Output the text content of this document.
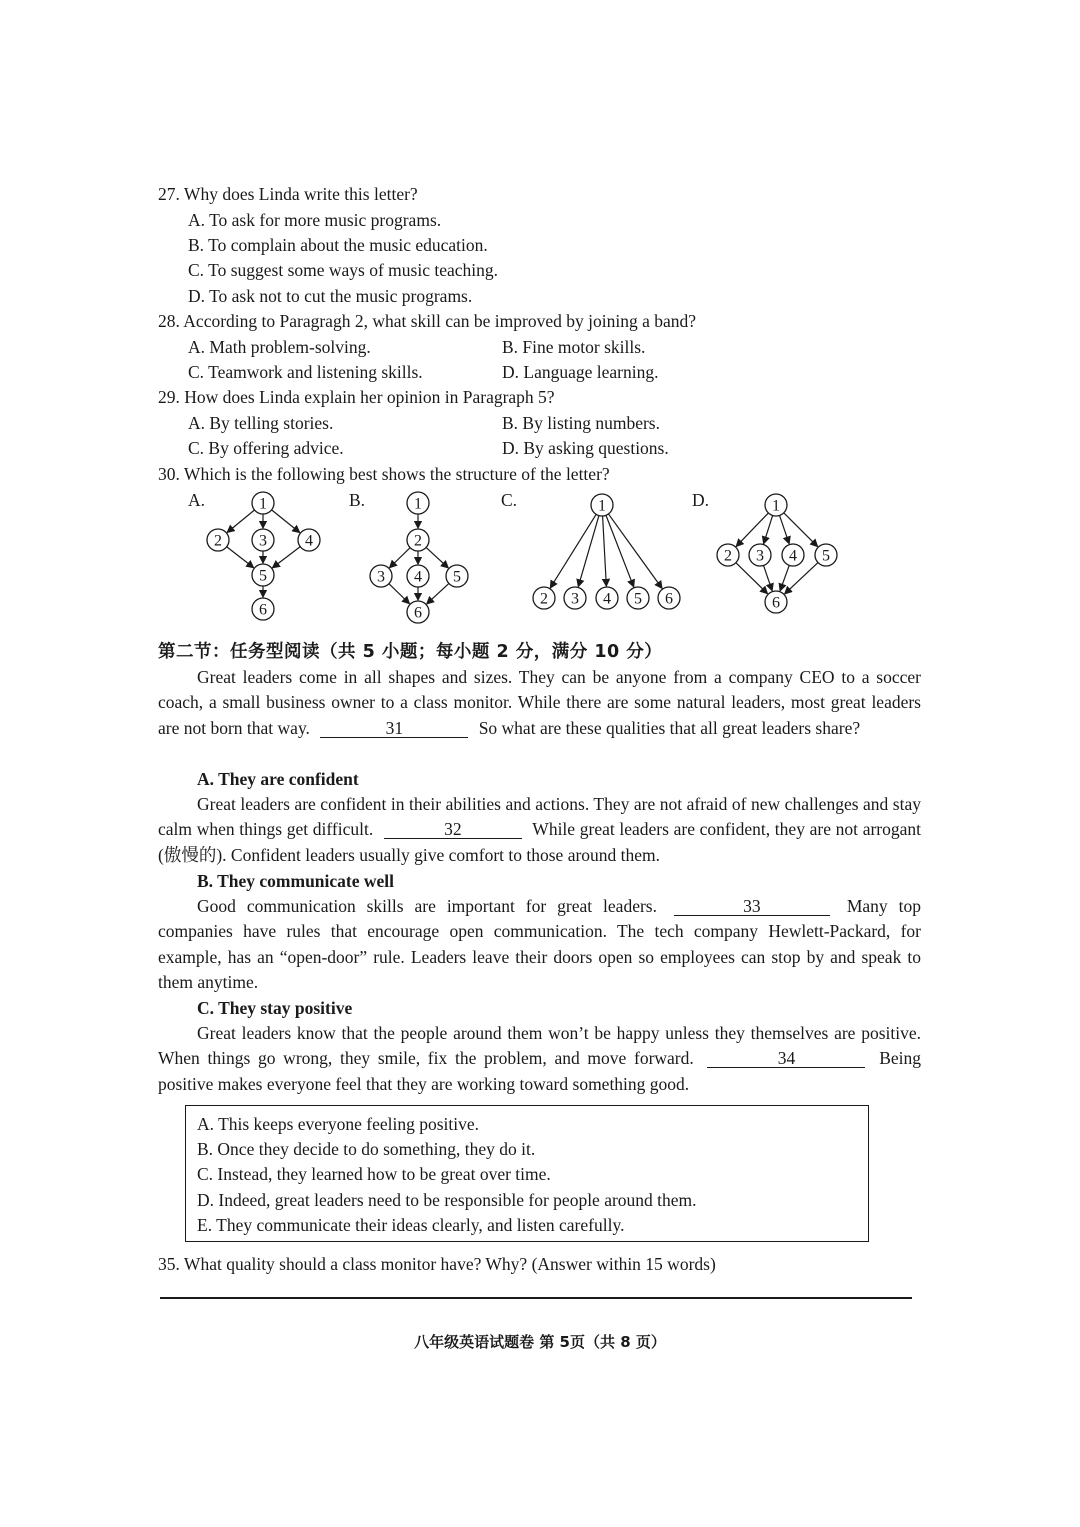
27. Why does Linda write this letter?
A. To ask for more music programs.
B. To complain about the music education.
C. To suggest some ways of music teaching.
D. To ask not to cut the music programs.
28. According to Paragragh 2, what skill can be improved by joining a band?
A. Math problem-solving.	B. Fine motor skills.
C. Teamwork and listening skills.	D. Language learning.
29. How does Linda explain her opinion in Paragraph 5?
A. By telling stories.	B. By listing numbers.
C. By offering advice.	D. By asking questions.
30. Which is the following best shows the structure of the letter?
A.	B.	C.	D.
1
2 3 4
5
6
1
2
3 4 5
6
1
2 3 4 5 6
1
2 3 4 5
6
第二节：任务型阅读（共 5 小题；每小题 2 分，满分 10 分）
Great leaders come in all shapes and sizes. They can be anyone from a company CEO to a soccer coach, a small business owner to a class monitor. While there are some natural leaders, most great leaders are not born that way.	31	So what are these qualities that all great leaders share?
A. They are confident
Great leaders are confident in their abilities and actions. They are not afraid of new challenges and stay calm when things get difficult.	32	While great leaders are confident, they are not arrogant (傲慢的). Confident leaders usually give comfort to those around them.
B. They communicate well
Good communication skills are important for great leaders.	33	Many top companies have rules that encourage open communication. The tech company Hewlett-Packard, for example, has an “open-door” rule. Leaders leave their doors open so employees can stop by and speak to them anytime.
C. They stay positive
Great leaders know that the people around them won’t be happy unless they themselves are positive. When things go wrong, they smile, fix the problem, and move forward.	34	Being positive makes everyone feel that they are working toward something good.
A. This keeps everyone feeling positive.
B. Once they decide to do something, they do it.
C. Instead, they learned how to be great over time.
D. Indeed, great leaders need to be responsible for people around them.
E. They communicate their ideas clearly, and listen carefully.
35. What quality should a class monitor have? Why? (Answer within 15 words)
八年级英语试题卷 第 5页（共 8 页）
